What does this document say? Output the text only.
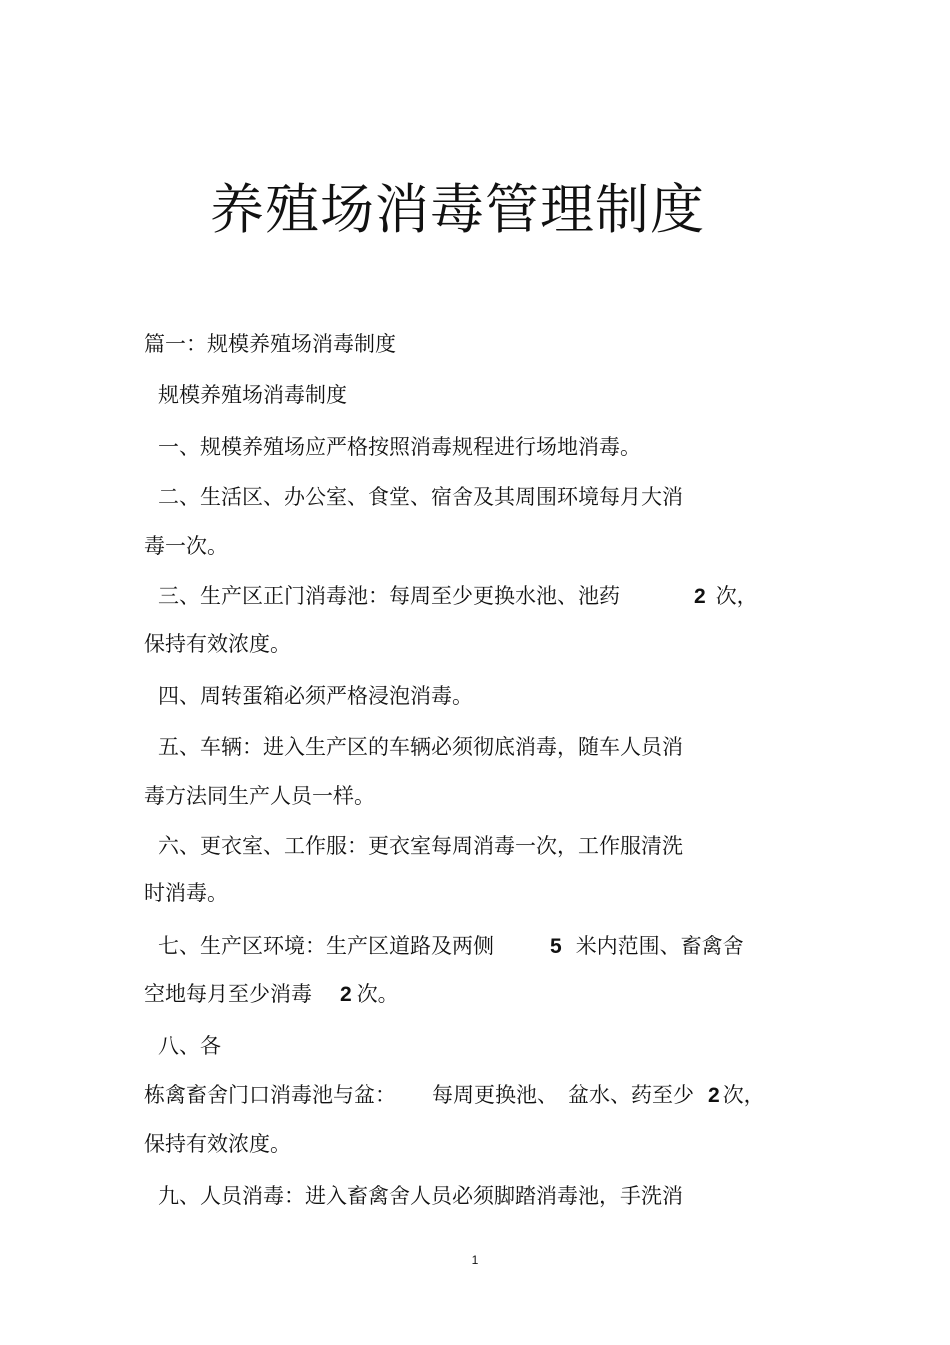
养殖场消毒管理制度
篇一：规模养殖场消毒制度
规模养殖场消毒制度
一、规模养殖场应严格按照消毒规程进行场地消毒。
二、生活区、办公室、食堂、宿舍及其周围环境每月大消
毒一次。
三、生产区正门消毒池：每周至少更换水池、池药	2 次，
保持有效浓度。
四、周转蛋箱必须严格浸泡消毒。
五、车辆：进入生产区的车辆必须彻底消毒，随车人员消
毒方法同生产人员一样。
六、更衣室、工作服：更衣室每周消毒一次，工作服清洗
时消毒。
七、生产区环境：生产区道路及两侧	5 米内范围、畜禽舍
空地每月至少消毒 2 次。
八、各
栋禽畜舍门口消毒池与盆： 每周更换池、 盆水、药至少 2 次，
保持有效浓度。
九、人员消毒：进入畜禽舍人员必须脚踏消毒池，手洗消
1
